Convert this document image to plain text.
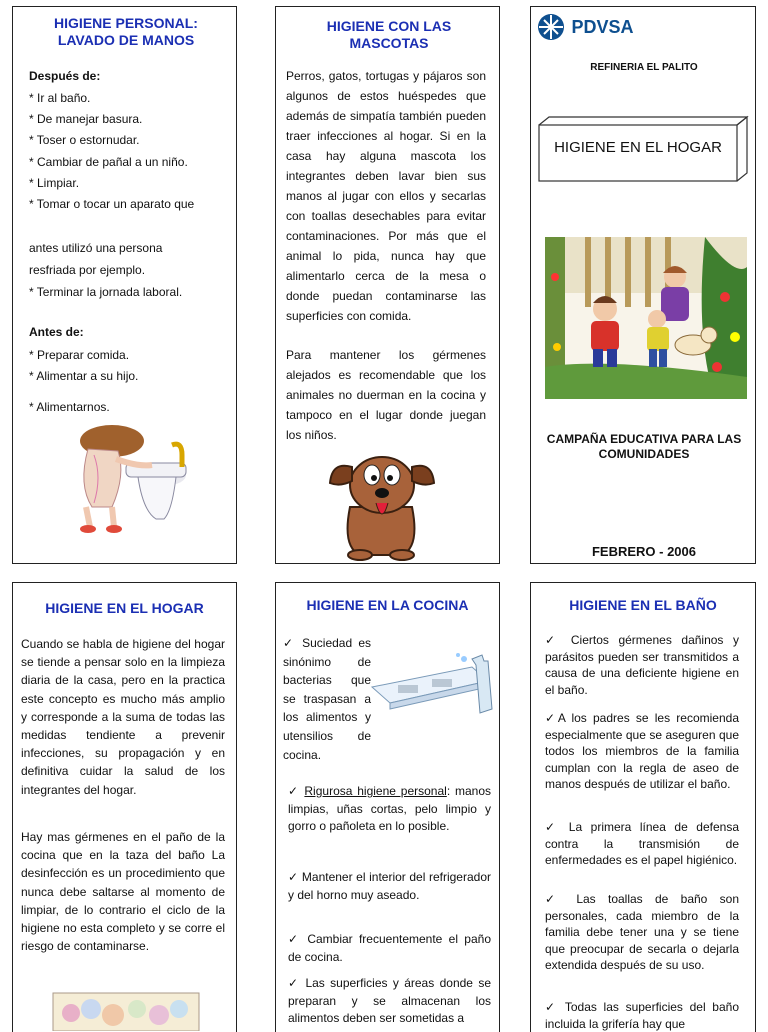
HIGIENE PERSONAL: LAVADO DE MANOS
Después de:
* Ir al baño.
* De manejar basura.
* Toser o estornudar.
* Cambiar de pañal a un niño.
* Limpiar.
* Tomar o tocar un aparato que
antes utilizó una persona
resfriada por ejemplo.
* Terminar la jornada laboral.
Antes de:
* Preparar comida.
* Alimentar a su hijo.
* Alimentarnos.
HIGIENE CON LAS MASCOTAS
Perros, gatos, tortugas y pájaros son algunos de estos huéspedes que además de simpatía también pueden traer infecciones al hogar. Si en la casa hay alguna mascota los integrantes deben lavar bien sus manos al jugar con ellos y secarlas con toallas desechables para evitar contaminaciones. Por más que el animal lo pida, nunca hay que alimentarlo cerca de la mesa o donde puedan contaminarse las superficies con comida.
Para mantener los gérmenes alejados es recomendable que los animales no duerman en la cocina y tampoco en el lugar donde juegan los niños.
PDVSA
REFINERIA EL PALITO
HIGIENE EN EL HOGAR
CAMPAÑA EDUCATIVA PARA LAS COMUNIDADES
FEBRERO - 2006
HIGIENE EN EL HOGAR
Cuando se habla de higiene del hogar se tiende a pensar solo en la limpieza diaria de la casa, pero en la practica este concepto es mucho más amplio y corresponde a la suma de todas las medidas tendiente a prevenir infecciones, su propagación y en definitiva cuidar la salud de los integrantes del hogar.
Hay mas gérmenes en el paño de la cocina que en la taza del baño La desinfección es un procedimiento que nunca debe saltarse al momento de limpiar, de lo contrario el ciclo de la higiene no esta completo y se corre el riesgo de contaminarse.
HIGIENE EN LA COCINA
✓ Suciedad es sinónimo de bacterias que se traspasan a los alimentos y utensilios de cocina.
✓ Rigurosa higiene personal: manos limpias, uñas cortas, pelo limpio y gorro o pañoleta en lo posible.
✓ Mantener el interior del refrigerador y del horno muy aseado.
✓ Cambiar frecuentemente el paño de cocina.
✓ Las superficies y áreas donde se preparan y se almacenan los alimentos deben ser sometidas a
HIGIENE EN EL BAÑO
✓ Ciertos gérmenes dañinos y parásitos pueden ser transmitidos a causa de una deficiente higiene en el baño.
✓A los padres se les recomienda especialmente que se aseguren que todos los miembros de la familia cumplan con la regla de aseo de manos después de utilizar el baño.
✓ La primera línea de defensa contra la transmisión de enfermedades es el papel higiénico.
✓ Las toallas de baño son personales, cada miembro de la familia debe tener una y se tiene que preocupar de secarla o dejarla extendida después de su uso.
✓ Todas las superficies del baño incluida la grifería hay que
